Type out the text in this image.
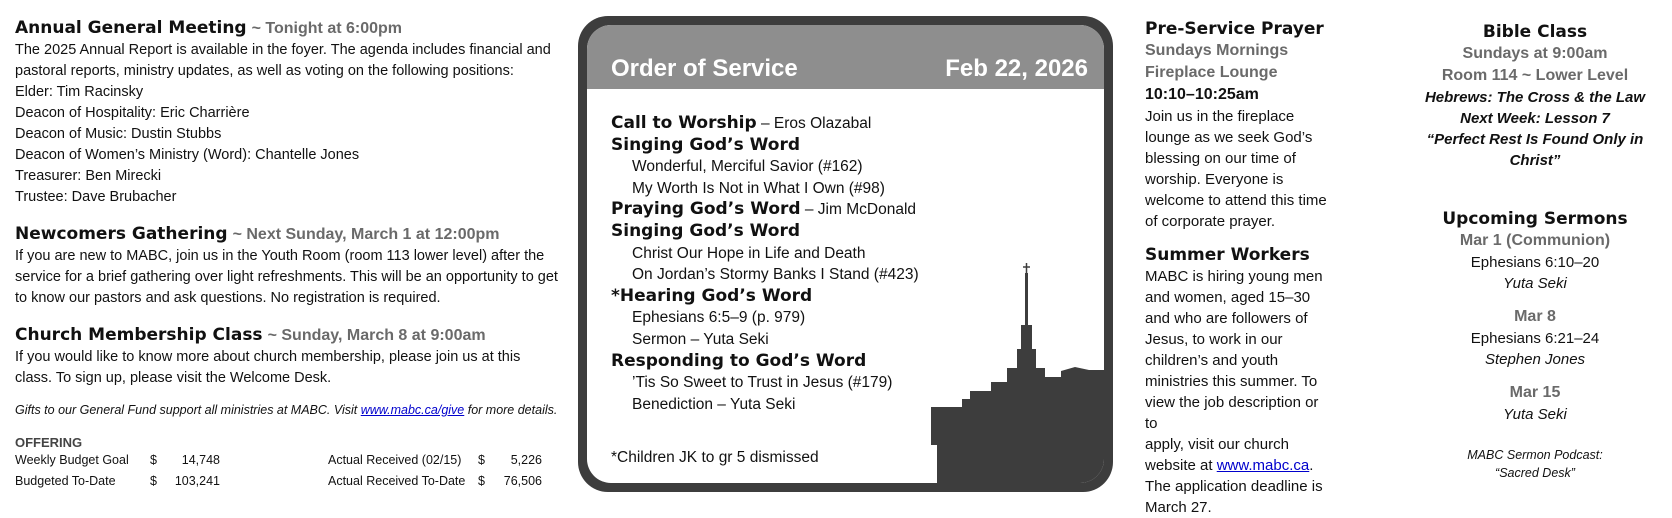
Annual General Meeting ~ Tonight at 6:00pm
The 2025 Annual Report is available in the foyer. The agenda includes financial and
pastoral reports, ministry updates, as well as voting on the following positions:
Elder: Tim Racinsky
Deacon of Hospitality: Eric Charrière
Deacon of Music: Dustin Stubbs
Deacon of Women’s Ministry (Word): Chantelle Jones
Treasurer: Ben Mirecki
Trustee: Dave Brubacher
Newcomers Gathering ~ Next Sunday, March 1 at 12:00pm
If you are new to MABC, join us in the Youth Room (room 113 lower level) after the
service for a brief gathering over light refreshments. This will be an opportunity to get
to know our pastors and ask questions. No registration is required.
Church Membership Class ~ Sunday, March 8 at 9:00am
If you would like to know more about church membership, please join us at this
class. To sign up, please visit the Welcome Desk.
Gifts to our General Fund support all ministries at MABC. Visit www.mabc.ca/give for more details.
OFFERING
Weekly Budget Goal $	14,748	Actual Received (02/15) $	5,226
Budgeted To-Date	$	103,241	Actual Received To-Date $	76,506
Order of Service	Feb 22, 2026
Call to Worship – Eros Olazabal
Singing God’s Word
Wonderful, Merciful Savior (#162)
My Worth Is Not in What I Own (#98)
Praying God’s Word – Jim McDonald
Singing God’s Word
Christ Our Hope in Life and Death
On Jordan’s Stormy Banks I Stand (#423)
*Hearing God’s Word
Ephesians 6:5–9 (p. 979)
Sermon – Yuta Seki
Responding to God’s Word
’Tis So Sweet to Trust in Jesus (#179)
Benediction – Yuta Seki
*Children JK to gr 5 dismissed
Pre-Service Prayer
Sundays Mornings
Fireplace Lounge
10:10–10:25am
Join us in the fireplace
lounge as we seek God’s
blessing on our time of
worship. Everyone is
welcome to attend this time
of corporate prayer.
Summer Workers
MABC is hiring young men
and women, aged 15–30
and who are followers of
Jesus, to work in our
children’s and youth
ministries this summer. To
view the job description or to
apply, visit our church
website at www.mabc.ca.
The application deadline is
March 27.
Bible Class
Sundays at 9:00am
Room 114 ~ Lower Level
Hebrews: The Cross & the Law
Next Week: Lesson 7
“Perfect Rest Is Found Only in Christ”
Upcoming Sermons
Mar 1 (Communion)
Ephesians 6:10–20
Yuta Seki
Mar 8
Ephesians 6:21–24
Stephen Jones
Mar 15
Yuta Seki
MABC Sermon Podcast:
“Sacred Desk”
